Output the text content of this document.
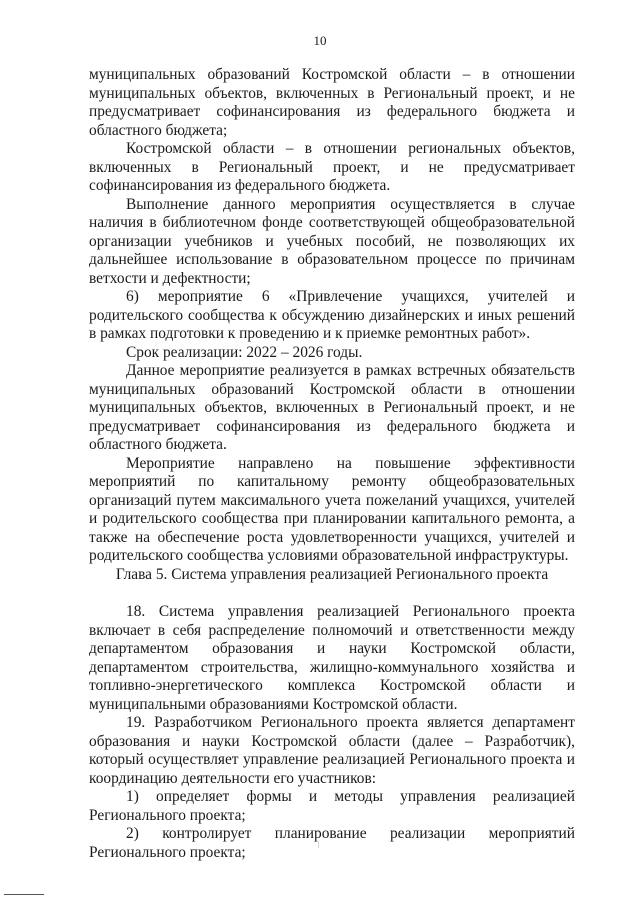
10

муниципальных образований Костромской области – в отношении муниципальных объектов, включенных в Региональный проект, и не предусматривает софинансирования из федерального бюджета и областного бюджета;

Костромской области – в отношении региональных объектов, включенных в Региональный проект, и не предусматривает софинансирования из федерального бюджета.

Выполнение данного мероприятия осуществляется в случае наличия в библиотечном фонде соответствующей общеобразовательной организации учебников и учебных пособий, не позволяющих их дальнейшее использование в образовательном процессе по причинам ветхости и дефектности;

6) мероприятие 6 «Привлечение учащихся, учителей и родительского сообщества к обсуждению дизайнерских и иных решений в рамках подготовки к проведению и к приемке ремонтных работ».

Срок реализации: 2022 – 2026 годы.

Данное мероприятие реализуется в рамках встречных обязательств муниципальных образований Костромской области в отношении муниципальных объектов, включенных в Региональный проект, и не предусматривает софинансирования из федерального бюджета и областного бюджета.

Мероприятие направлено на повышение эффективности мероприятий по капитальному ремонту общеобразовательных организаций путем максимального учета пожеланий учащихся, учителей и родительского сообщества при планировании капитального ремонта, а также на обеспечение роста удовлетворенности учащихся, учителей и родительского сообщества условиями образовательной инфраструктуры.

Глава 5. Система управления реализацией Регионального проекта

18. Система управления реализацией Регионального проекта включает в себя распределение полномочий и ответственности между департаментом образования и науки Костромской области, департаментом строительства, жилищно-коммунального хозяйства и топливно-энергетического комплекса Костромской области и муниципальными образованиями Костромской области.

19. Разработчиком Регионального проекта является департамент образования и науки Костромской области (далее – Разработчик), который осуществляет управление реализацией Регионального проекта и координацию деятельности его участников:

1) определяет формы и методы управления реализацией Регионального проекта;

2) контролирует планирование реализации мероприятий Регионального проекта;
